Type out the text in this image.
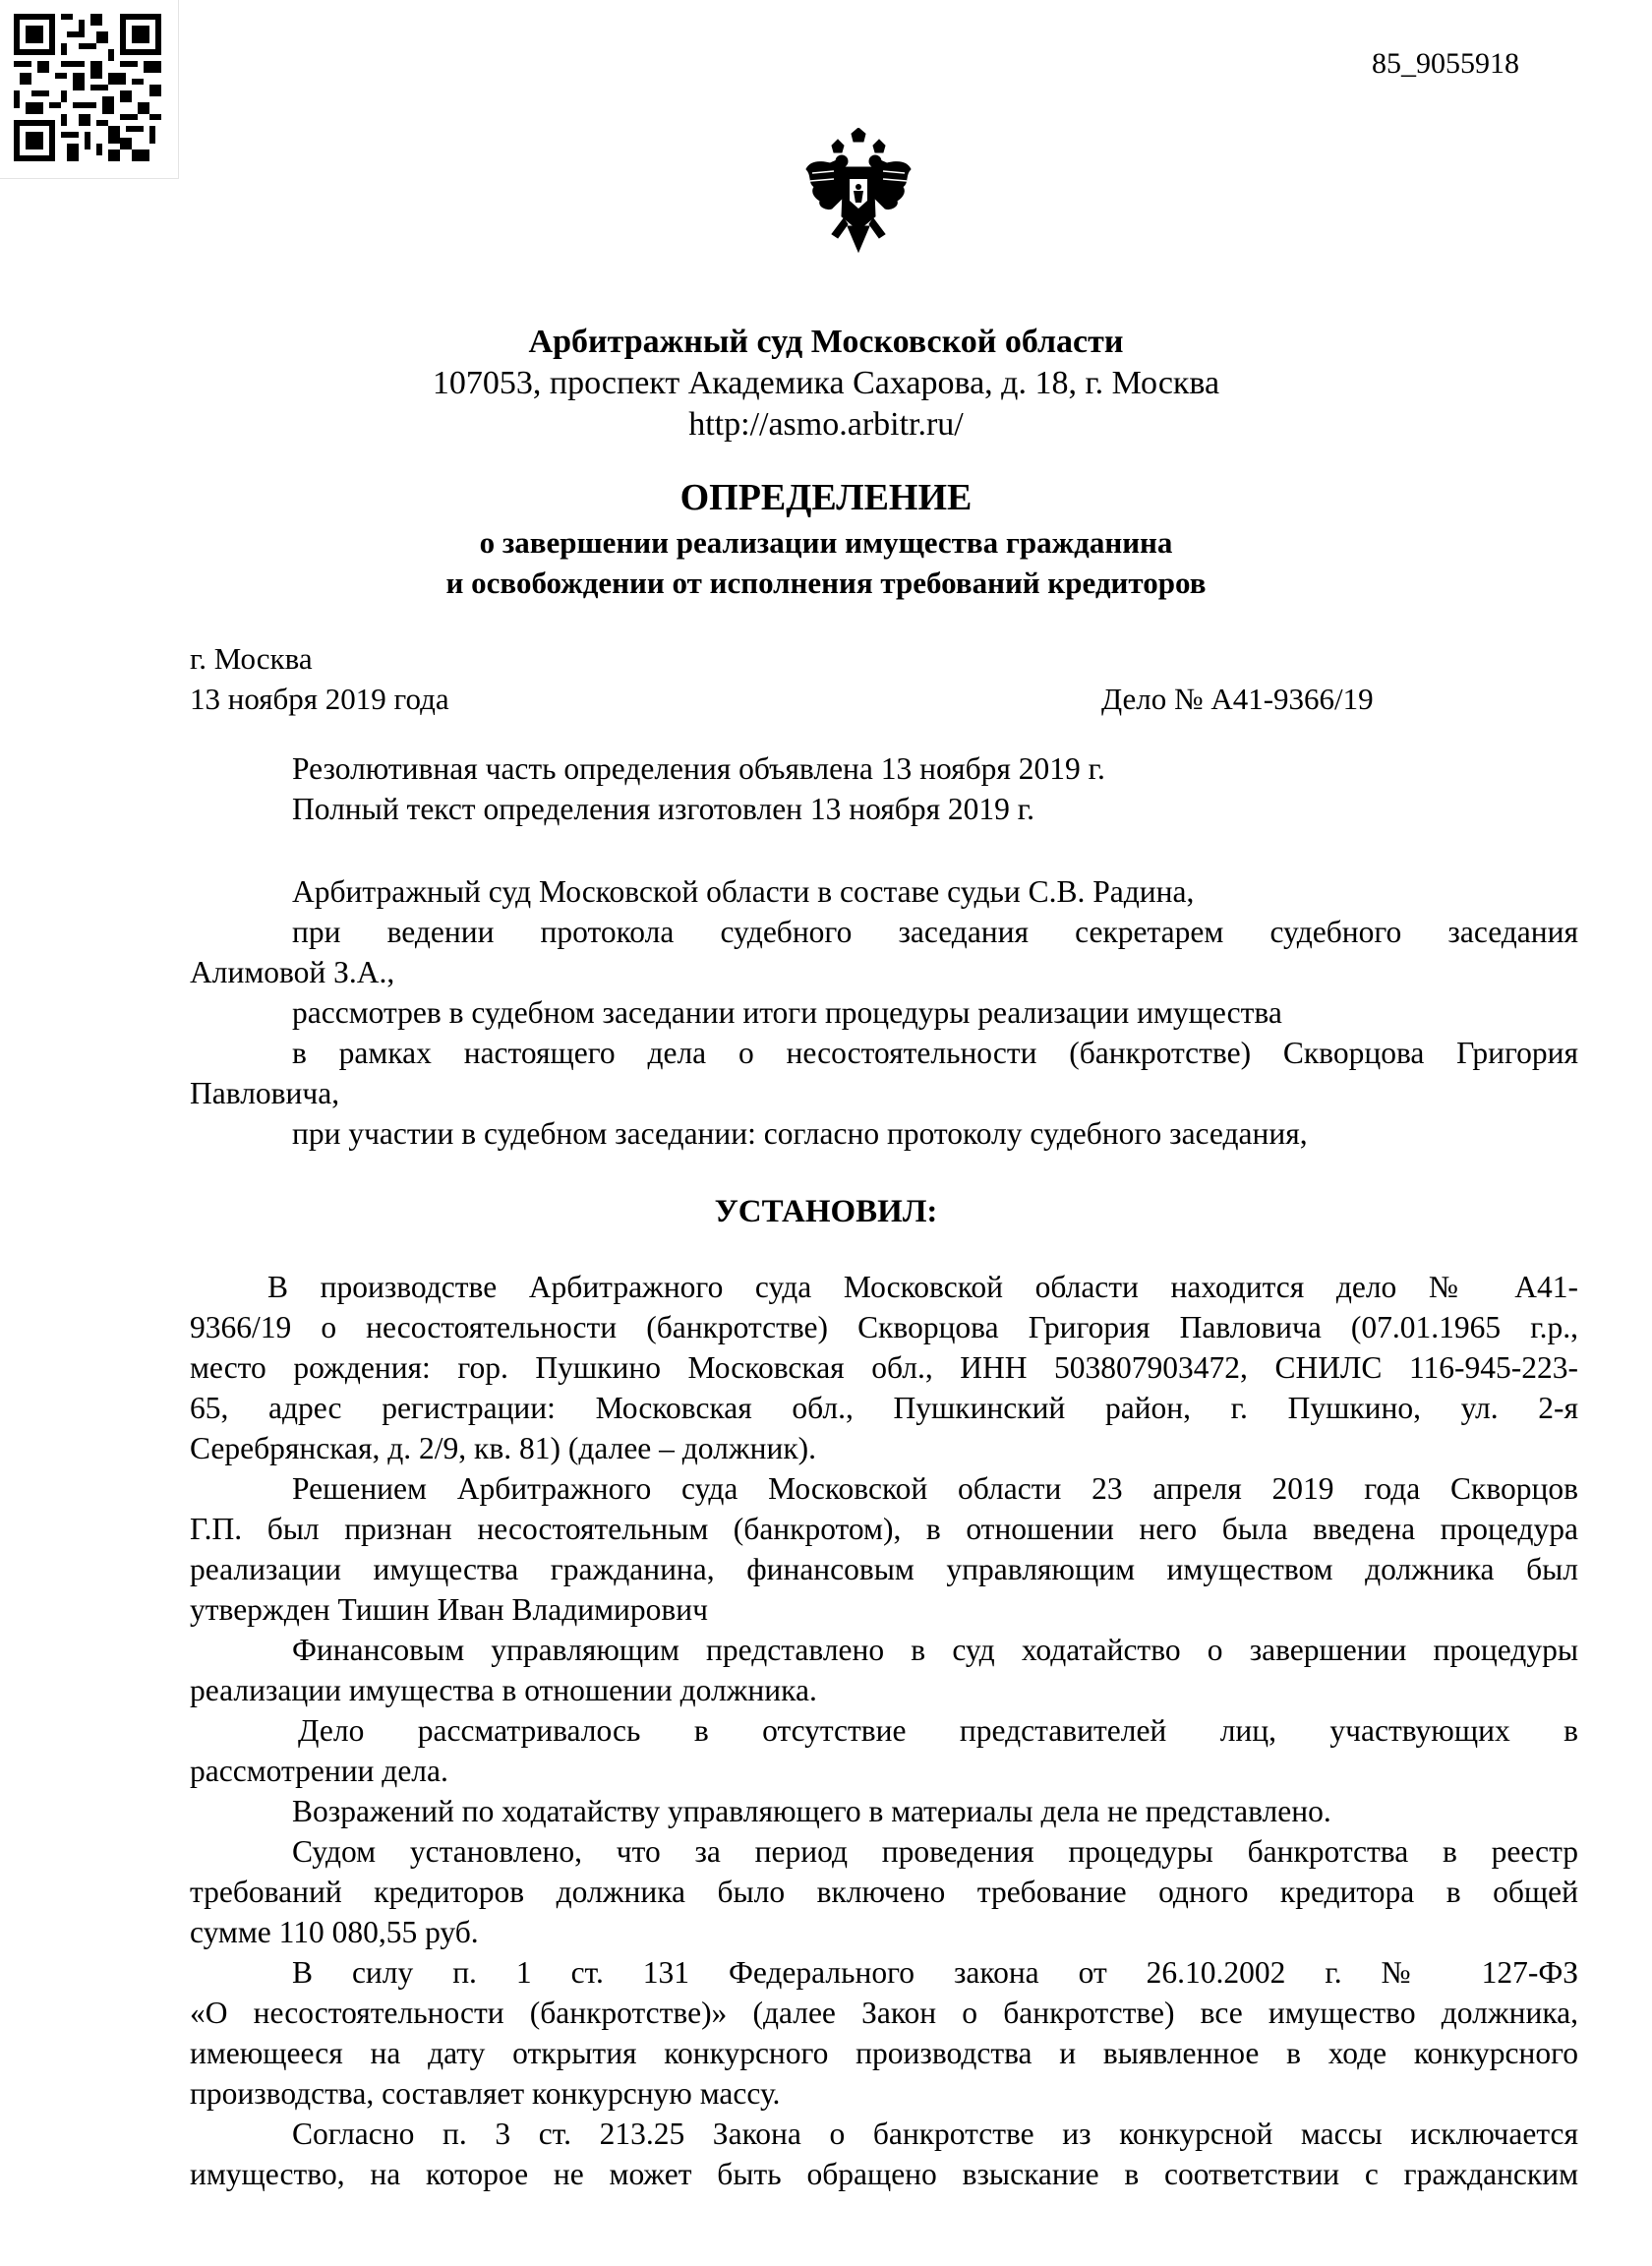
85_9055918
Арбитражный суд Московской области
107053, проспект Академика Сахарова, д. 18, г. Москва
http://asmo.arbitr.ru/
ОПРЕДЕЛЕНИЕ
о завершении реализации имущества гражданина
и освобождении от исполнения требований кредиторов
г. Москва
13 ноября 2019 года	Дело № А41-9366/19
Резолютивная часть определения объявлена 13 ноября 2019 г.
Полный текст определения изготовлен 13 ноября 2019 г.
Арбитражный суд Московской области в составе судьи С.В. Радина,
при ведении протокола судебного заседания секретарем судебного заседания
Алимовой З.А.,
рассмотрев в судебном заседании итоги процедуры реализации имущества
в рамках настоящего дела о несостоятельности (банкротстве) Скворцова Григория
Павловича,
при участии в судебном заседании: согласно протоколу судебного заседания,
УСТАНОВИЛ:
В производстве Арбитражного суда Московской области находится дело № А41-
9366/19 о несостоятельности (банкротстве) Скворцова Григория Павловича (07.01.1965 г.р.,
место рождения: гор. Пушкино Московская обл., ИНН 503807903472, СНИЛС 116-945-223-
65, адрес регистрации: Московская обл., Пушкинский район, г. Пушкино, ул. 2-я
Серебрянская, д. 2/9, кв. 81) (далее – должник).
Решением Арбитражного суда Московской области 23 апреля 2019 года Скворцов
Г.П. был признан несостоятельным (банкротом), в отношении него была введена процедура
реализации имущества гражданина, финансовым управляющим имуществом должника был
утвержден Тишин Иван Владимирович
Финансовым управляющим представлено в суд ходатайство о завершении процедуры
реализации имущества в отношении должника.
Дело рассматривалось в отсутствие представителей лиц, участвующих в
рассмотрении дела.
Возражений по ходатайству управляющего в материалы дела не представлено.
Судом установлено, что за период проведения процедуры банкротства в реестр
требований кредиторов должника было включено требование одного кредитора в общей
сумме 110 080,55 руб.
В силу п. 1 ст. 131 Федерального закона от 26.10.2002 г. № 127-ФЗ
«О несостоятельности (банкротстве)» (далее Закон о банкротстве) все имущество должника,
имеющееся на дату открытия конкурсного производства и выявленное в ходе конкурсного
производства, составляет конкурсную массу.
Согласно п. 3 ст. 213.25 Закона о банкротстве из конкурсной массы исключается
имущество, на которое не может быть обращено взыскание в соответствии с гражданским
